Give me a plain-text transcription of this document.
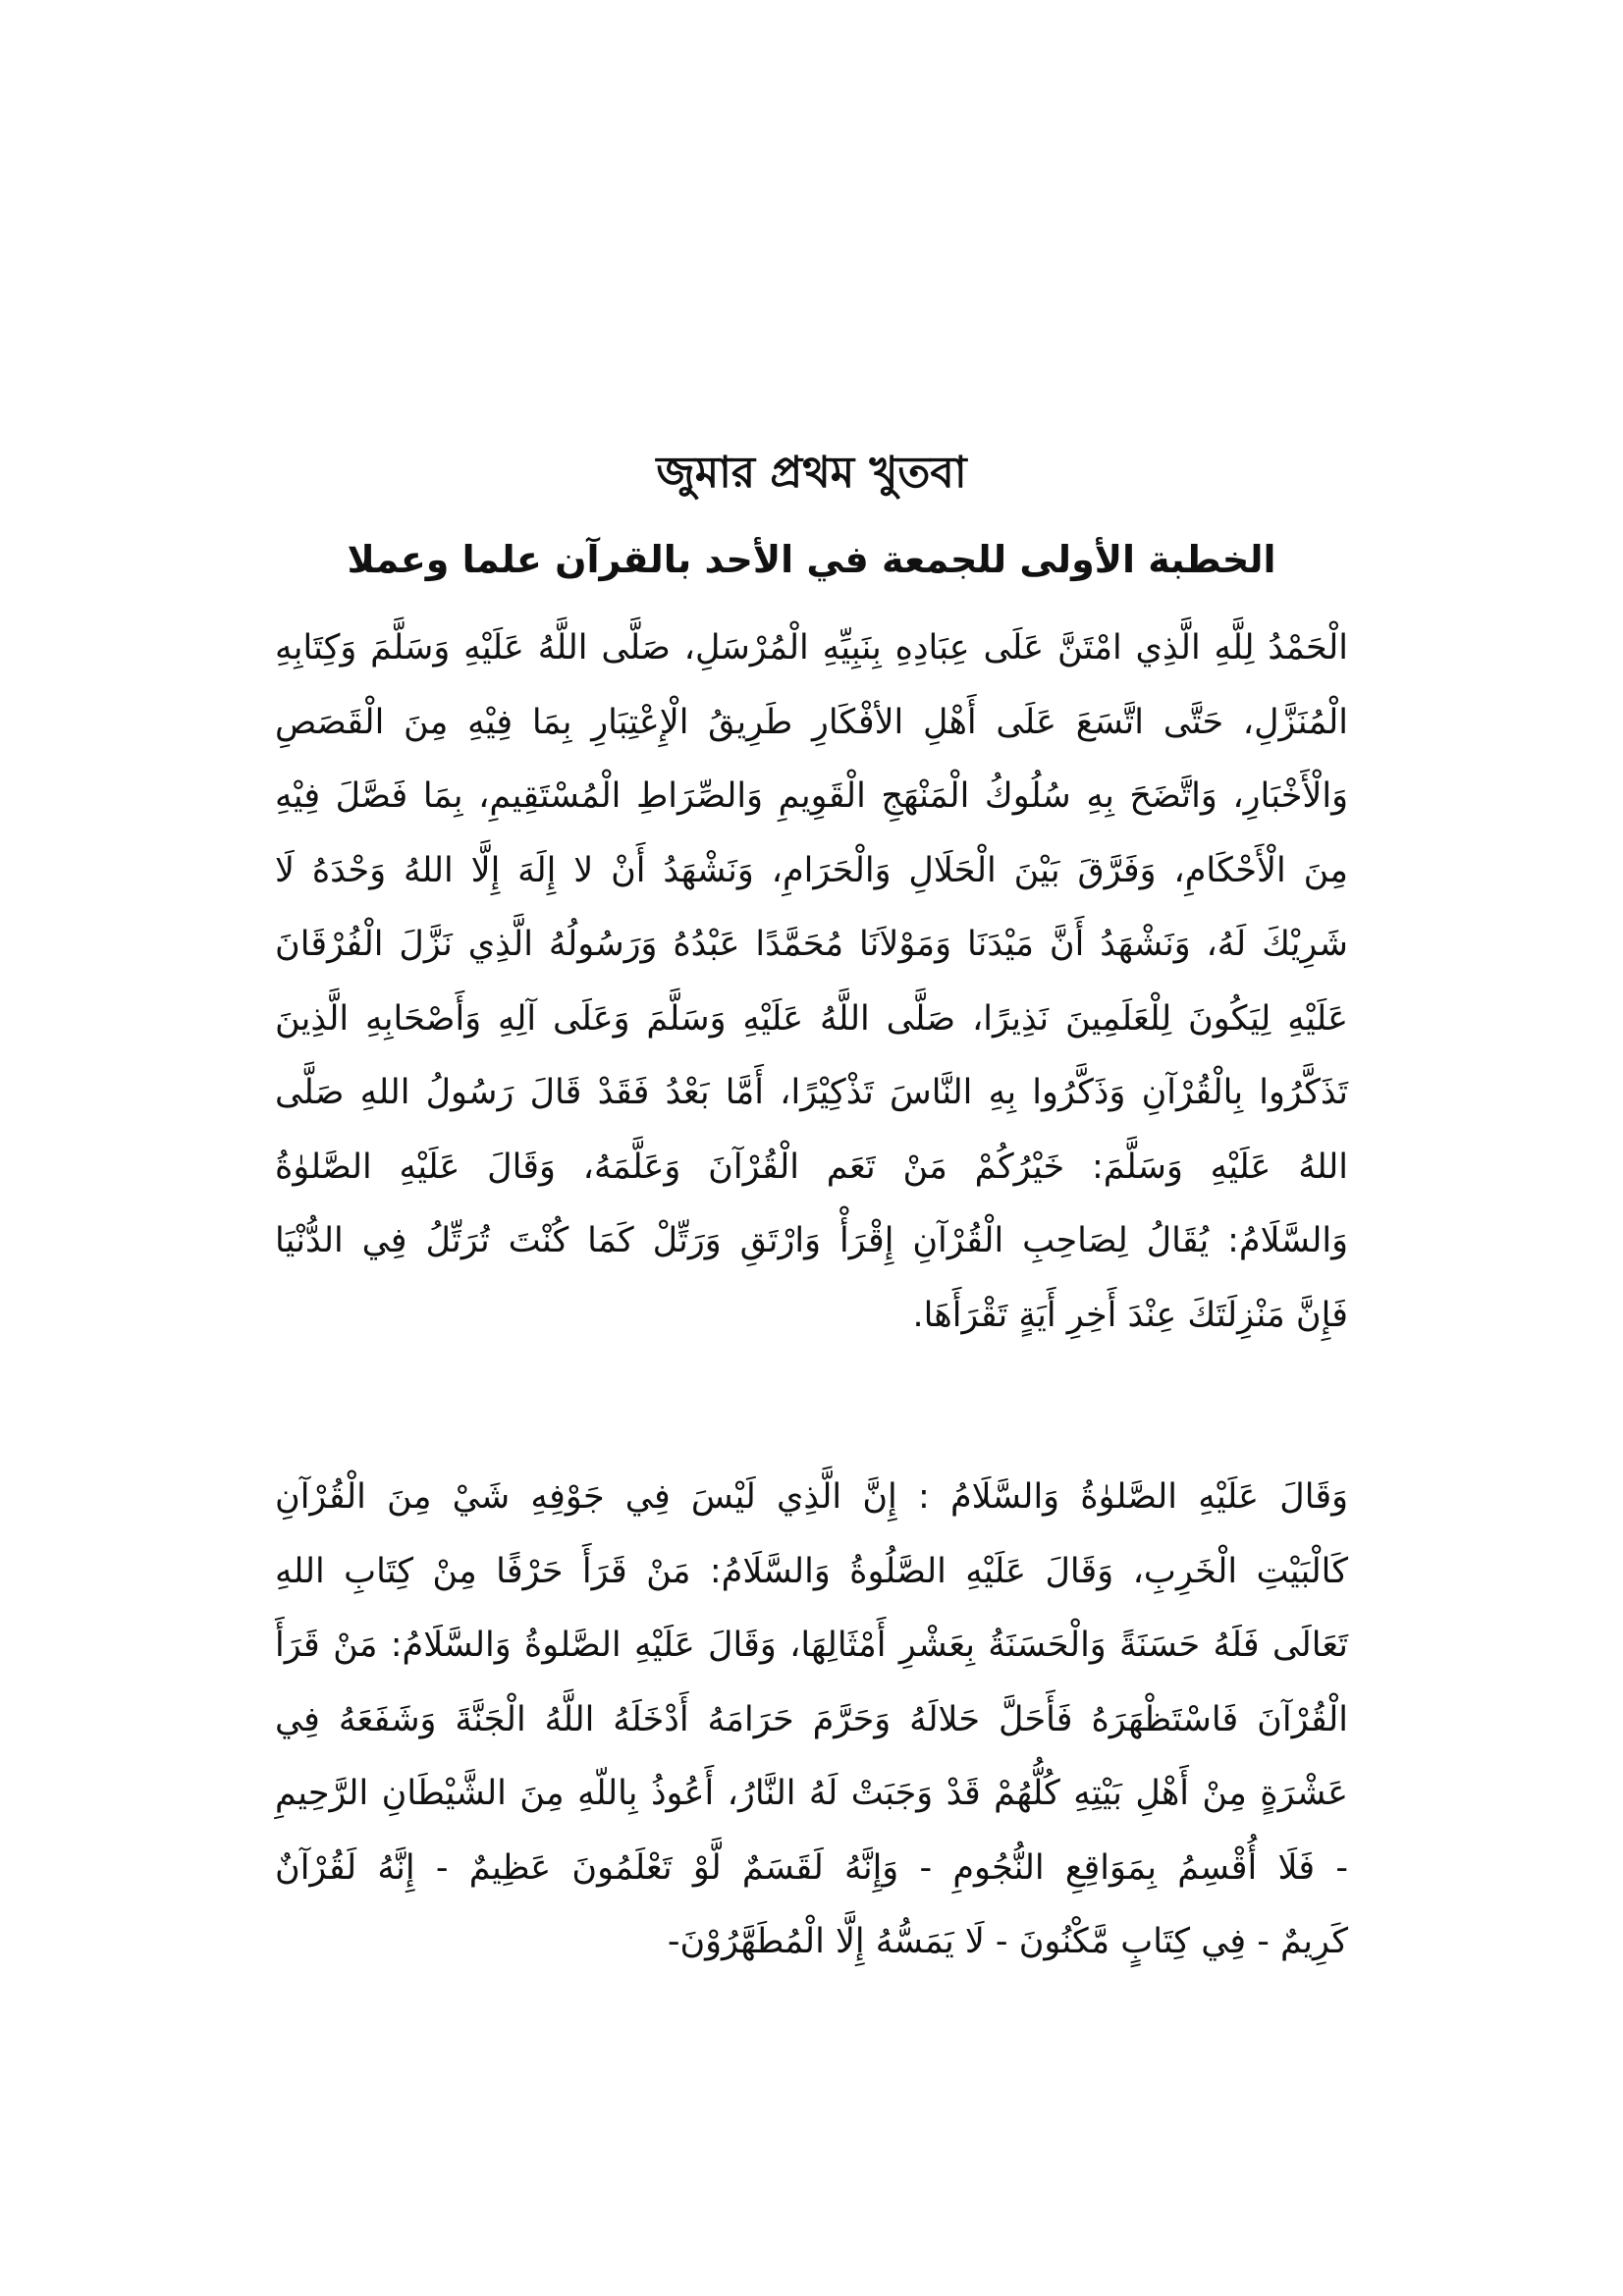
জুমার প্রথম খুতবা
الخطبة الأولى للجمعة في الأحد بالقرآن علما وعملا
الْحَمْدُ لِلَّهِ الَّذِي امْتَنَّ عَلَى عِبَادِهِ بِنَبِيِّهِ الْمُرْسَلِ، صَلَّى اللَّهُ عَلَيْهِ وَسَلَّمَ وَكِتَابِهِ
الْمُنَزَّلِ، حَتَّى اتَّسَعَ عَلَى أَهْلِ الأفْكَارِ طَرِيقُ الْإِعْتِبَارِ بِمَا فِيْهِ مِنَ الْقَصَصِ
وَالْأَخْبَارِ، وَاتَّضَحَ بِهِ سُلُوكُ الْمَنْهَجِ الْقَوِيمِ وَالصِّرَاطِ الْمُسْتَقِيمِ، بِمَا فَصَّلَ فِيْهِ
مِنَ الْأَحْكَامِ، وَفَرَّقَ بَيْنَ الْحَلَالِ وَالْحَرَامِ، وَنَشْهَدُ أَنْ لا إِلَهَ إِلَّا اللهُ وَحْدَهُ لَا
شَرِيْكَ لَهُ، وَنَشْهَدُ أَنَّ مَيْدَنَا وَمَوْلاَنَا مُحَمَّدًا عَبْدُهُ وَرَسُولُهُ الَّذِي نَزَّلَ الْفُرْقَانَ
عَلَيْهِ لِيَكُونَ لِلْعَلَمِينَ نَذِيرًا، صَلَّى اللَّهُ عَلَيْهِ وَسَلَّمَ وَعَلَى آلِهِ وَأَصْحَابِهِ الَّذِينَ
تَذَكَّرُوا بِالْقُرْآنِ وَذَكَّرُوا بِهِ النَّاسَ تَذْكِيْرًا، أَمَّا بَعْدُ فَقَدْ قَالَ رَسُولُ اللهِ صَلَّى
اللهُ عَلَيْهِ وَسَلَّمَ: خَيْرُكُمْ مَنْ تَعَم الْقُرْآنَ وَعَلَّمَهُ، وَقَالَ عَلَيْهِ الصَّلوٰةُ
وَالسَّلَامُ: يُقَالُ لِصَاحِبِ الْقُرْآنِ إِقْرَأْ وَارْتَقِ وَرَتِّلْ كَمَا كُنْتَ تُرَتِّلُ فِي الدُّنْيَا
فَإِنَّ مَنْزِلَتَكَ عِنْدَ أَخِرِ أَيَةٍ تَقْرَأَهَا.
وَقَالَ عَلَيْهِ الصَّلوٰةُ وَالسَّلَامُ : إِنَّ الَّذِي لَيْسَ فِي جَوْفِهِ شَيْ مِنَ الْقُرْآنِ
كَالْبَيْتِ الْخَرِبِ، وَقَالَ عَلَيْهِ الصَّلُوةُ وَالسَّلَامُ: مَنْ قَرَأَ حَرْفًا مِنْ كِتَابِ اللهِ
تَعَالَى فَلَهُ حَسَنَةً وَالْحَسَنَةُ بِعَشْرِ أَمْثَالِهَا، وَقَالَ عَلَيْهِ الصَّلوةُ وَالسَّلَامُ: مَنْ قَرَأَ
الْقُرْآنَ فَاسْتَظْهَرَهُ فَأَحَلَّ حَلالَهُ وَحَرَّمَ حَرَامَهُ أَدْخَلَهُ اللَّهُ الْجَنَّةَ وَشَفَعَهُ فِي
عَشْرَةٍ مِنْ أَهْلِ بَيْتِهِ كُلُّهُمْ قَدْ وَجَبَتْ لَهُ النَّارُ، أَعُوذُ بِاللّهِ مِنَ الشَّيْطَانِ الرَّحِيمِ
- فَلَا أُقْسِمُ بِمَوَاقِعِ النُّجُومِ - وَإِنَّهُ لَقَسَمٌ لَّوْ تَعْلَمُونَ عَظِيمٌ - إِنَّهُ لَقُرْآنٌ
كَرِيمٌ - فِي كِتَابٍ مَّكْنُونَ - لَا يَمَسُّهُ إِلَّا الْمُطَهَّرُوْنَ-
